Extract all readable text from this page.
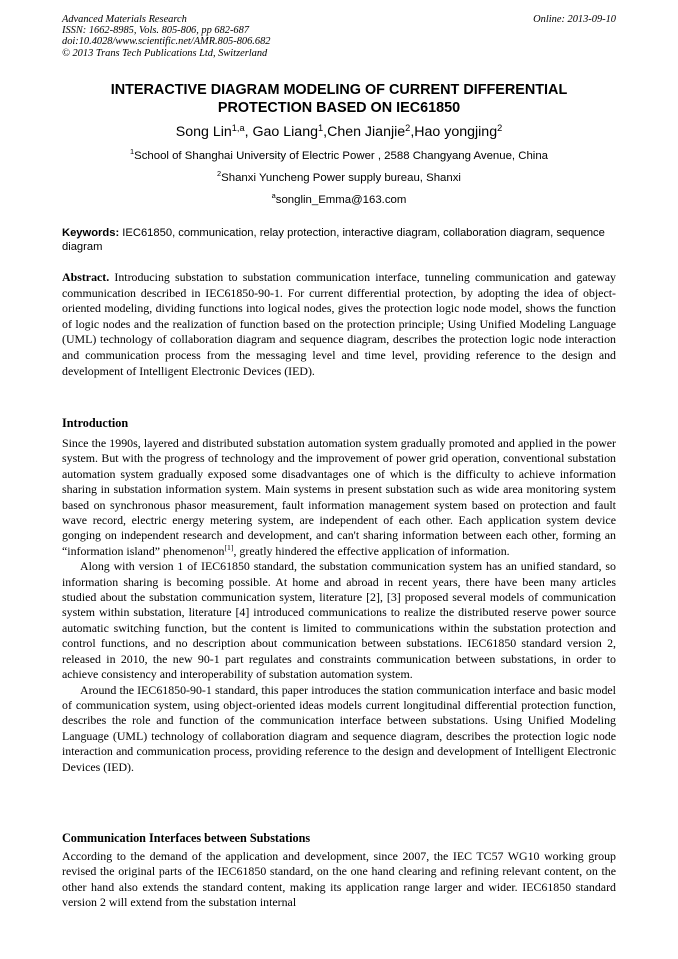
Advanced Materials Research
ISSN: 1662-8985, Vols. 805-806, pp 682-687
doi:10.4028/www.scientific.net/AMR.805-806.682
© 2013 Trans Tech Publications Ltd, Switzerland
Online: 2013-09-10
INTERACTIVE DIAGRAM MODELING OF CURRENT DIFFERENTIAL
PROTECTION BASED ON IEC61850
Song Lin$^{1,a}$, Gao Liang$^1$,Chen Jianjie$^2$,Hao yongjing$^2$
$^1$School of Shanghai University of Electric Power , 2588 Changyang Avenue, China
$^2$Shanxi Yuncheng Power supply bureau, Shanxi
$^a$songlin_Emma@163.com
Keywords: IEC61850, communication, relay protection, interactive diagram, collaboration diagram, sequence diagram
Abstract. Introducing substation to substation communication interface, tunneling communication and gateway communication described in IEC61850-90-1. For current differential protection, by adopting the idea of object-oriented modeling, dividing functions into logical nodes, gives the protection logic node model, shows the function of logic nodes and the realization of function based on the protection principle; Using Unified Modeling Language (UML) technology of collaboration diagram and sequence diagram, describes the protection logic node interaction and communication process from the messaging level and time level, providing reference to the design and development of Intelligent Electronic Devices (IED).
Introduction

Since the 1990s, layered and distributed substation automation system gradually promoted and applied in the power system. But with the progress of technology and the improvement of power grid operation, conventional substation automation system gradually exposed some disadvantages one of which is the difficulty to achieve information sharing in substation information system. Main systems in present substation such as wide area monitoring system based on synchronous phasor measurement, fault information management system based on protection and fault wave record, electric energy metering system, are independent of each other. Each application system device gonging on independent research and development, and can't sharing information between each other, forming an “information island” phenomenon[1], greatly hindered the effective application of information.

Along with version 1 of IEC61850 standard, the substation communication system has an unified standard, so information sharing is becoming possible. At home and abroad in recent years, there have been many articles studied about the substation communication system, literature [2], [3] proposed several models of communication system within substation, literature [4] introduced communications to realize the distributed reserve power source automatic switching function, but the content is limited to communications within the substation protection and control functions, and no description about communication between substations. IEC61850 standard version 2, released in 2010, the new 90-1 part regulates and constraints communication between substations, in order to achieve consistency and interoperability of substation automation system.

Around the IEC61850-90-1 standard, this paper introduces the station communication interface and basic model of communication system, using object-oriented ideas models current longitudinal differential protection function, describes the role and function of the communication interface between substations. Using Unified Modeling Language (UML) technology of collaboration diagram and sequence diagram, describes the protection logic node interaction and communication process, providing reference to the design and development of Intelligent Electronic Devices (IED).

Communication Interfaces between Substations

According to the demand of the application and development, since 2007, the IEC TC57 WG10 working group revised the original parts of the IEC61850 standard, on the one hand clearing and refining relevant content, on the other hand also extends the standard content, making its application range larger and wider. IEC61850 standard version 2 will extend from the substation internal
